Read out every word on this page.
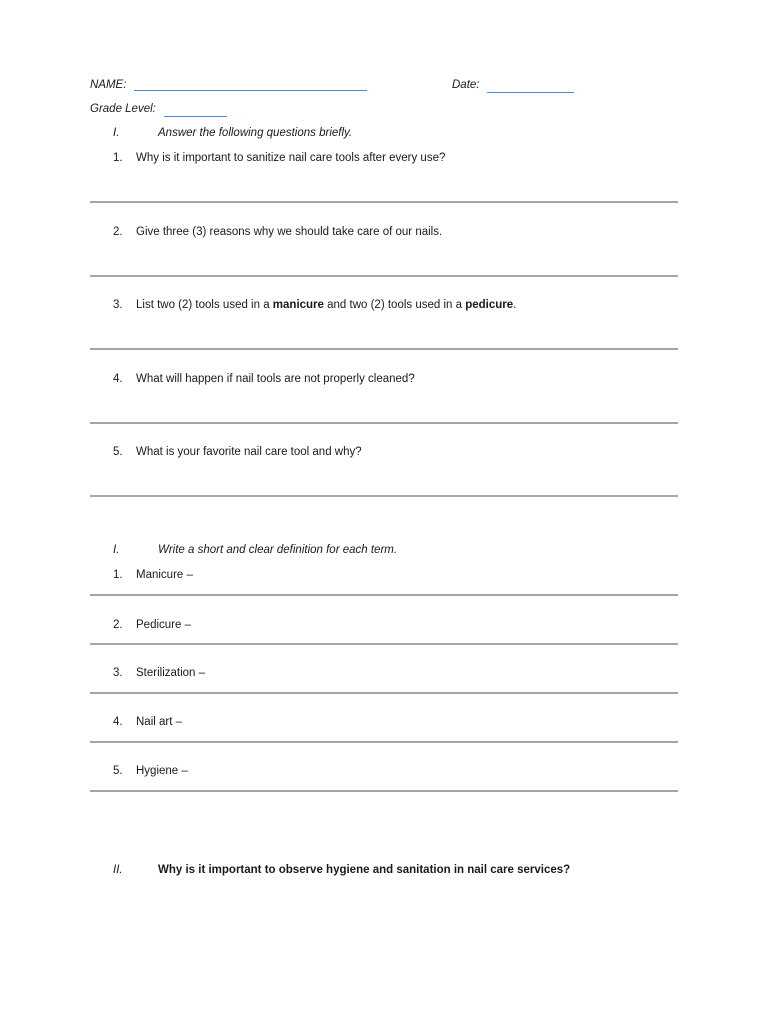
NAME:	Date:
Grade Level:
I.	Answer the following questions briefly.
1. Why is it important to sanitize nail care tools after every use?
2. Give three (3) reasons why we should take care of our nails.
3. List two (2) tools used in a manicure and two (2) tools used in a pedicure.
4. What will happen if nail tools are not properly cleaned?
5. What is your favorite nail care tool and why?
I.	Write a short and clear definition for each term.
1. Manicure –
2. Pedicure –
3. Sterilization –
4. Nail art –
5. Hygiene –
II.	Why is it important to observe hygiene and sanitation in nail care services?
